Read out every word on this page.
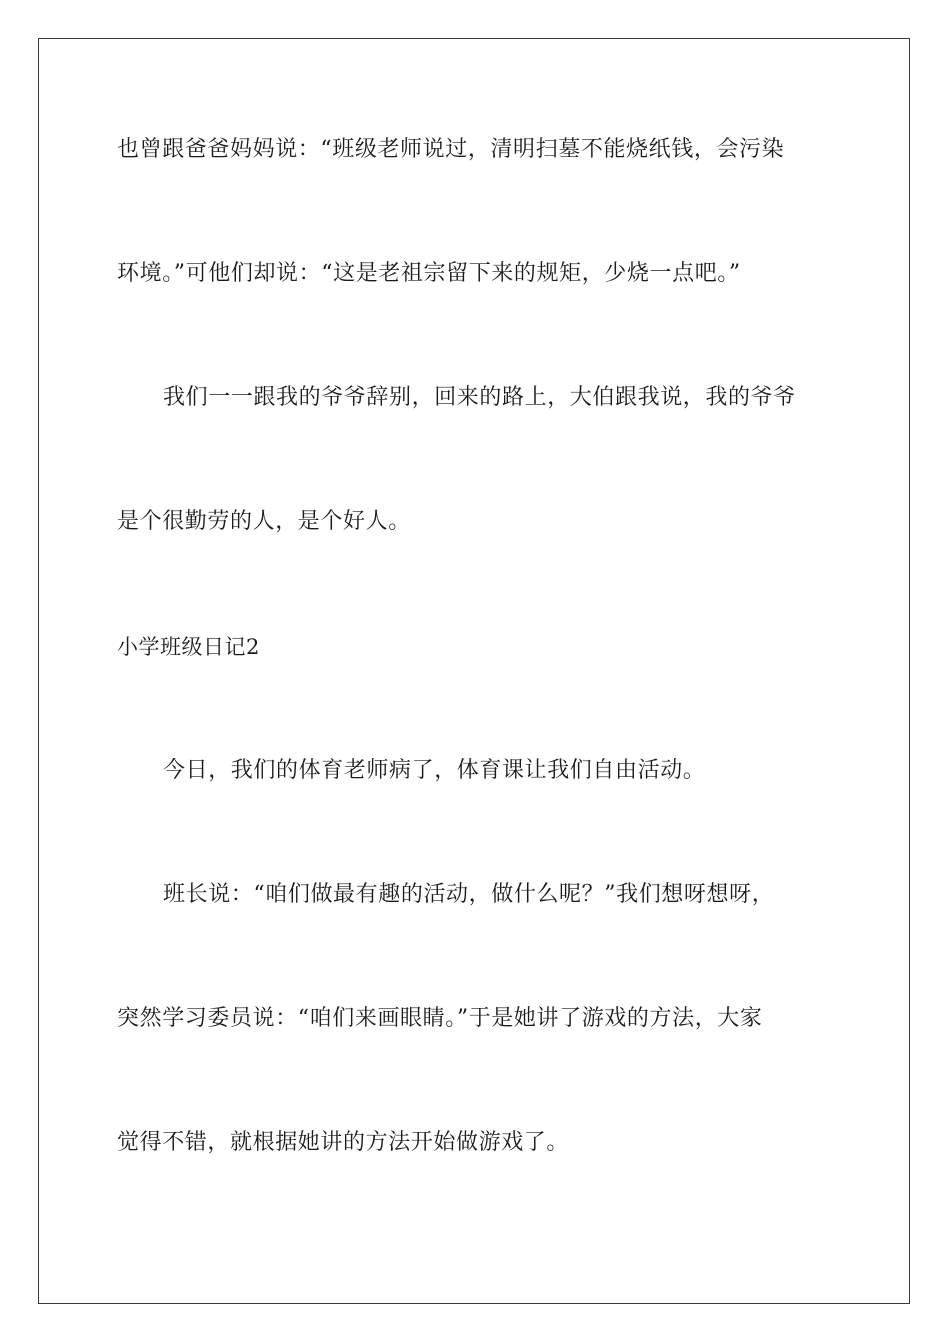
也曾跟爸爸妈妈说：“班级老师说过，清明扫墓不能烧纸钱，会污染
环境。”可他们却说：“这是老祖宗留下来的规矩，少烧一点吧。”
我们一一跟我的爷爷辞别，回来的路上，大伯跟我说，我的爷爷
是个很勤劳的人，是个好人。
小学班级日记2
今日，我们的体育老师病了，体育课让我们自由活动。
班长说：“咱们做最有趣的活动，做什么呢？”我们想呀想呀，
突然学习委员说：“咱们来画眼睛。”于是她讲了游戏的方法，大家
觉得不错，就根据她讲的方法开始做游戏了。
